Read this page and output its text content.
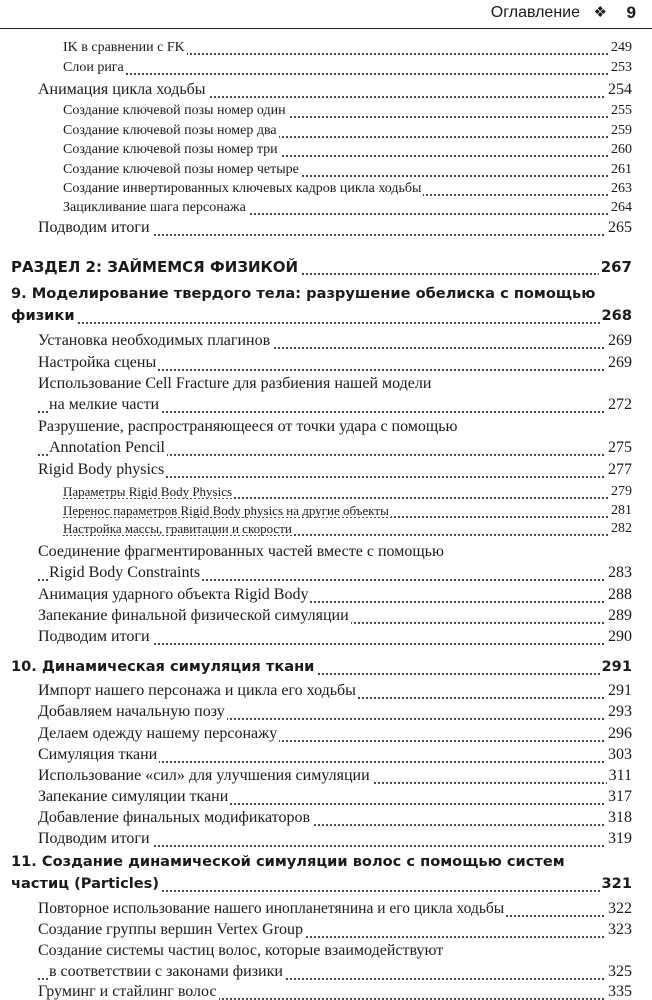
Оглавление ❖ 9
IK в сравнении с FK	249
Слои рига	253
Анимация цикла ходьбы	254
Создание ключевой позы номер один	255
Создание ключевой позы номер два	259
Создание ключевой позы номер три	260
Создание ключевой позы номер четыре	261
Создание инвертированных ключевых кадров цикла ходьбы	263
Зацикливание шага персонажа	264
Подводим итоги	265
РАЗДЕЛ 2: ЗАЙМЕМСЯ ФИЗИКОЙ	267
9. Моделирование твердого тела: разрушение обелиска с помощью
физики	268
Установка необходимых плагинов	269
Настройка сцены	269
Использование Cell Fracture для разбиения нашей модели
на мелкие части	272
Разрушение, распространяющееся от точки удара с помощью
Annotation Pencil	275
Rigid Body physics	277
Параметры Rigid Body Physics	279
Перенос параметров Rigid Body physics на другие объекты	281
Настройка массы, гравитации и скорости	282
Соединение фрагментированных частей вместе с помощью
Rigid Body Constraints	283
Анимация ударного объекта Rigid Body	288
Запекание финальной физической симуляции	289
Подводим итоги	290
10. Динамическая симуляция ткани	291
Импорт нашего персонажа и цикла его ходьбы	291
Добавляем начальную позу	293
Делаем одежду нашему персонажу	296
Симуляция ткани	303
Использование «сил» для улучшения симуляции	311
Запекание симуляции ткани	317
Добавление финальных модификаторов	318
Подводим итоги	319
11. Создание динамической симуляции волос с помощью систем
частиц (Particles)	321
Повторное использование нашего инопланетянина и его цикла ходьбы	322
Создание группы вершин Vertex Group	323
Создание системы частиц волос, которые взаимодействуют
в соответствии с законами физики	325
Груминг и стайлинг волос	335
